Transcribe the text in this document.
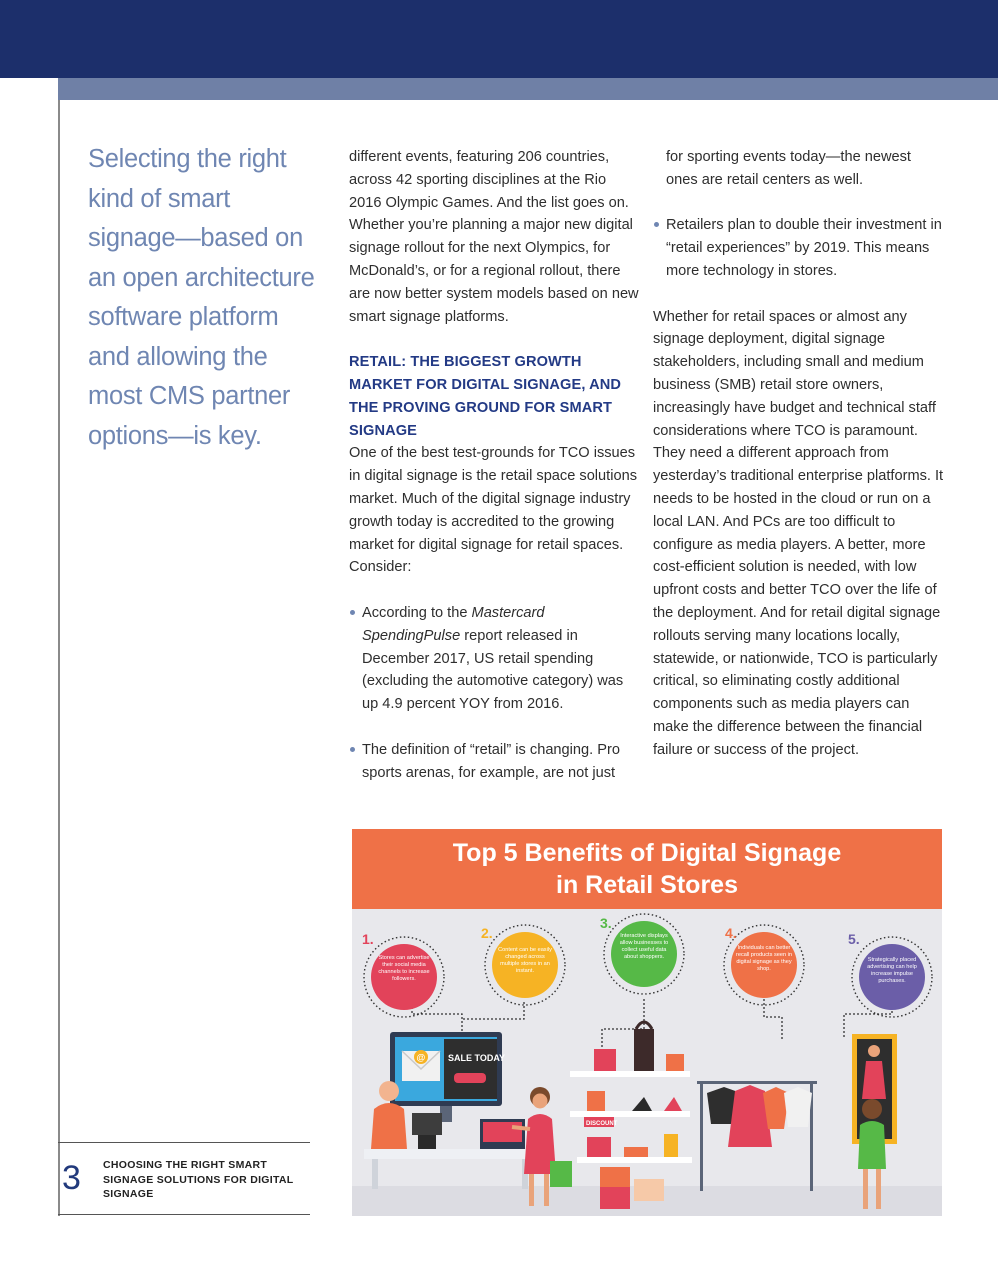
Selecting the right kind of smart signage—based on an open architecture software platform and allowing the most CMS partner options—is key.

different events, featuring 206 countries, across 42 sporting disciplines at the Rio 2016 Olympic Games. And the list goes on. Whether you’re planning a major new digital signage rollout for the next Olympics, for McDonald’s, or for a regional rollout, there are now better system models based on new smart signage platforms.

RETAIL: THE BIGGEST GROWTH MARKET FOR DIGITAL SIGNAGE, AND THE PROVING GROUND FOR SMART SIGNAGE

One of the best test-grounds for TCO issues in digital signage is the retail space solutions market. Much of the digital signage industry growth today is accredited to the growing market for digital signage for retail spaces. Consider:

According to the Mastercard SpendingPulse report released in December 2017, US retail spending (excluding the automotive category) was up 4.9 percent YOY from 2016.
The definition of “retail” is changing. Pro sports arenas, for example, are not just
for sporting events today—the newest ones are retail centers as well.
Retailers plan to double their investment in “retail experiences” by 2019. This means more technology in stores.

Whether for retail spaces or almost any signage deployment, digital signage stakeholders, including small and medium business (SMB) retail store owners, increasingly have budget and technical staff considerations where TCO is paramount. They need a different approach from yesterday’s traditional enterprise platforms. It needs to be hosted in the cloud or run on a local LAN. And PCs are too difficult to configure as media players. A better, more cost-efficient solution is needed, with low upfront costs and better TCO over the life of the deployment. And for retail digital signage rollouts serving many locations locally, statewide, or nationwide, TCO is particularly critical, so eliminating costly additional components such as media players can make the difference between the financial failure or success of the project.

Top 5 Benefits of Digital Signage
in Retail Stores
@	SALE TODAY
DISCOUNT
1.	2.
3.
4.	5.
Stores can advertise their social media channels to increase followers.
Content can be easily changed across multiple stores in an instant.
Interactive displays allow businesses to collect useful data about shoppers.
Individuals can better recall products seen in digital signage as they shop.
Strategically placed advertising can help increase impulse purchases.
3 CHOOSING THE RIGHT SMART SIGNAGE SOLUTIONS FOR DIGITAL SIGNAGE
